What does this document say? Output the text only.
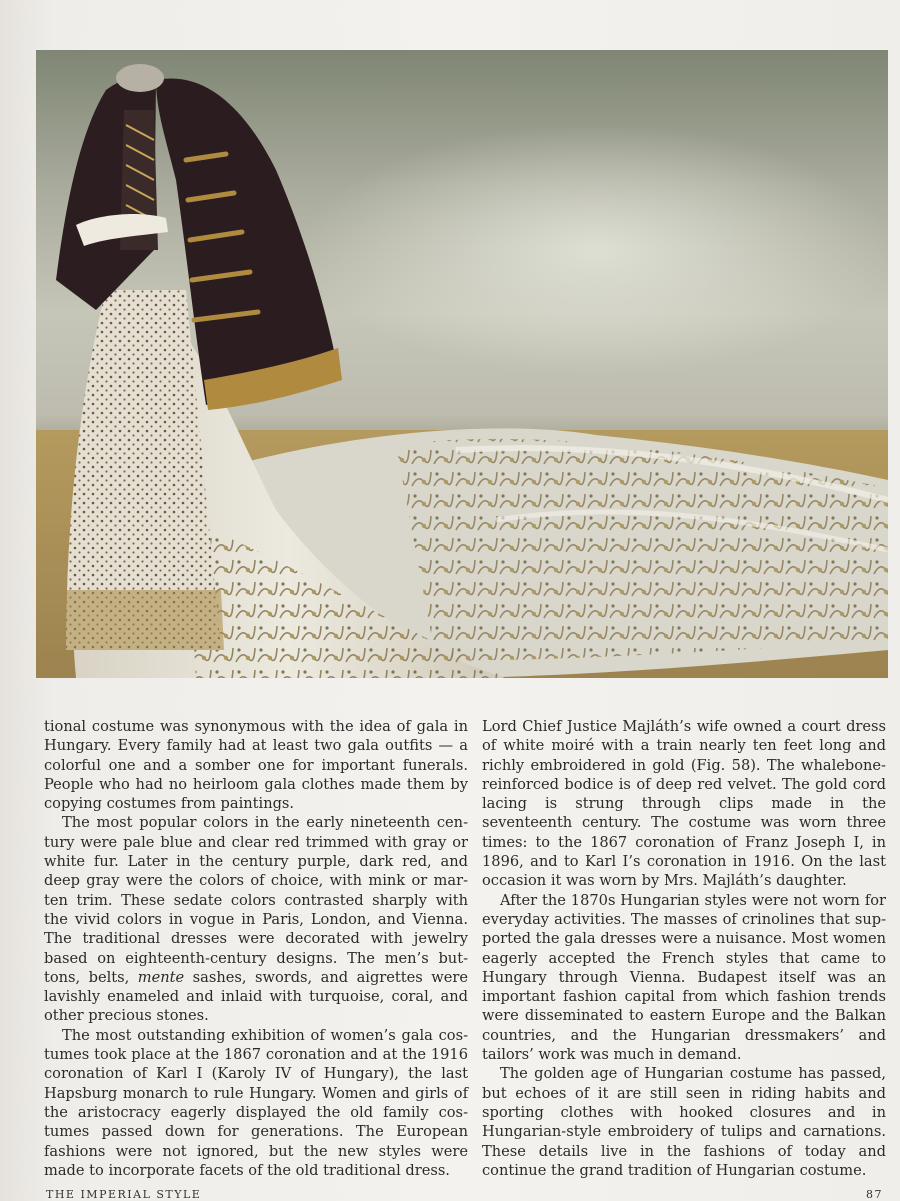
tional costume was synonymous with the idea of gala in Hungary. Every family had at least two gala outfits — a colorful one and a somber one for important funerals. People who had no heirloom gala clothes made them by copying costumes from paintings.

The most popular colors in the early nineteenth century were pale blue and clear red trimmed with gray or white fur. Later in the century purple, dark red, and deep gray were the colors of choice, with mink or marten trim. These sedate colors contrasted sharply with the vivid colors in vogue in Paris, London, and Vienna. The traditional dresses were decorated with jewelry based on eighteenth-century designs. The men’s buttons, belts, mente sashes, swords, and aigrettes were lavishly enameled and inlaid with turquoise, coral, and other precious stones.

The most outstanding exhibition of women’s gala costumes took place at the 1867 coronation and at the 1916 coronation of Karl I (Karoly IV of Hungary), the last Hapsburg monarch to rule Hungary. Women and girls of the aristocracy eagerly displayed the old family costumes passed down for generations. The European fashions were not ignored, but the new styles were made to incorporate facets of the old traditional dress.

Lord Chief Justice Majláth’s wife owned a court dress of white moiré with a train nearly ten feet long and richly embroidered in gold (Fig. 58). The whalebone-reinforced bodice is of deep red velvet. The gold cord lacing is strung through clips made in the seventeenth century. The costume was worn three times: to the 1867 coronation of Franz Joseph I, in 1896, and to Karl I’s coronation in 1916. On the last occasion it was worn by Mrs. Majláth’s daughter.

After the 1870s Hungarian styles were not worn for everyday activities. The masses of crinolines that supported the gala dresses were a nuisance. Most women eagerly accepted the French styles that came to Hungary through Vienna. Budapest itself was an important fashion capital from which fashion trends were disseminated to eastern Europe and the Balkan countries, and the Hungarian dressmakers’ and tailors’ work was much in demand.

The golden age of Hungarian costume has passed, but echoes of it are still seen in riding habits and sporting clothes with hooked closures and in Hungarian-style embroidery of tulips and carnations. These details live in the fashions of today and continue the grand tradition of Hungarian costume.

THE IMPERIAL STYLE	87
